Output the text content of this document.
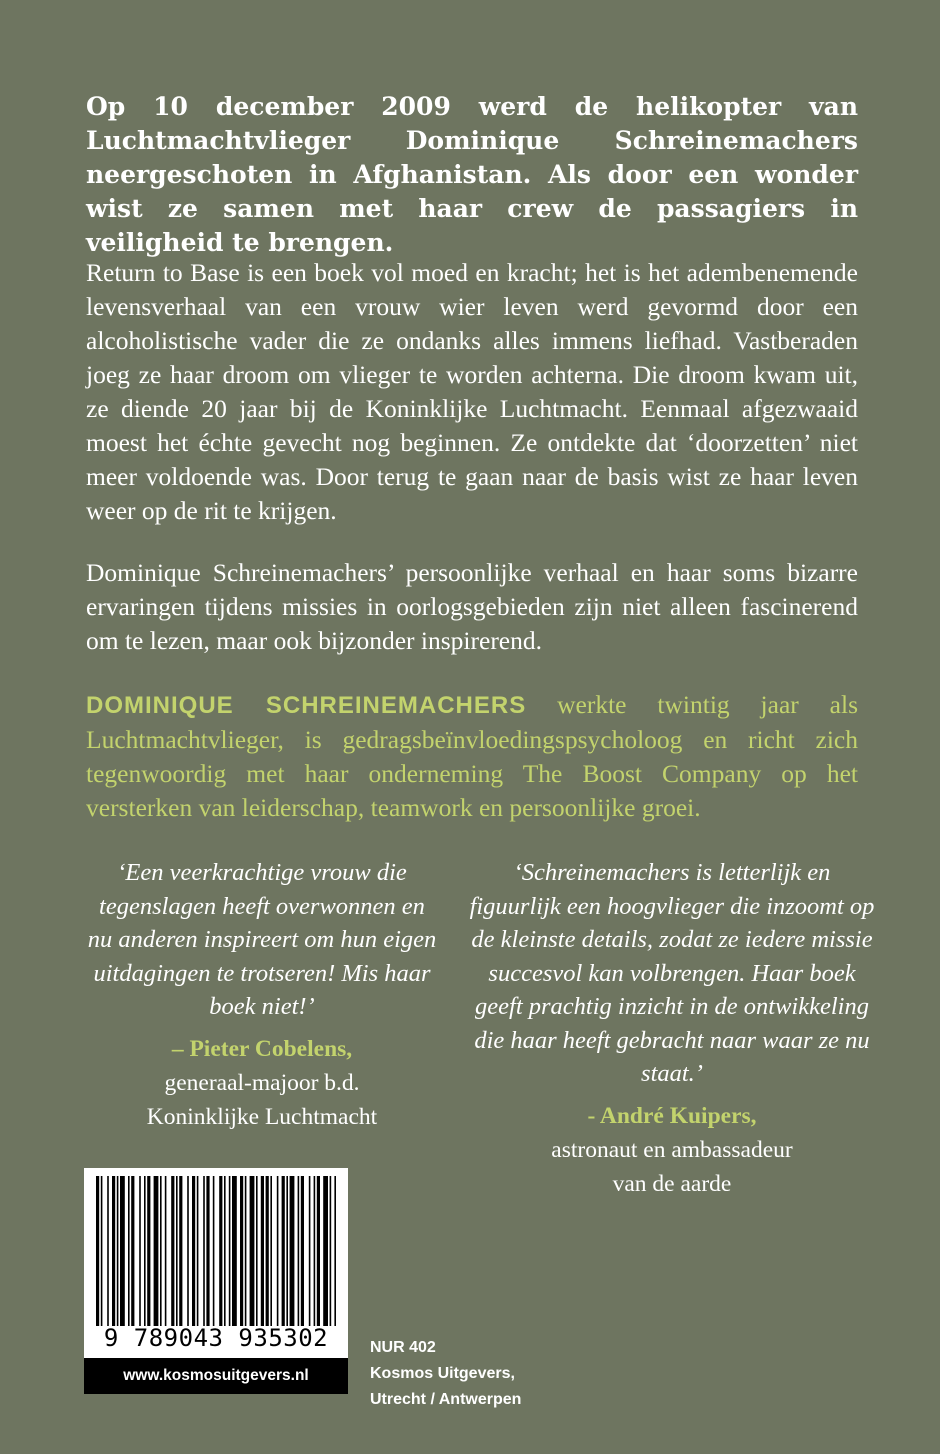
Op 10 december 2009 werd de helikopter van Luchtmachtvlieger Dominique Schreinemachers neergeschoten in Afghanistan. Als door een wonder wist ze samen met haar crew de passagiers in veiligheid te brengen.

Return to Base is een boek vol moed en kracht; het is het adembenemende levensverhaal van een vrouw wier leven werd gevormd door een alcoholistische vader die ze ondanks alles immens liefhad. Vastberaden joeg ze haar droom om vlieger te worden achterna. Die droom kwam uit, ze diende 20 jaar bij de Koninklijke Luchtmacht. Eenmaal afgezwaaid moest het échte gevecht nog beginnen. Ze ontdekte dat ‘doorzetten’ niet meer voldoende was. Door terug te gaan naar de basis wist ze haar leven weer op de rit te krijgen.

Dominique Schreinemachers’ persoonlijke verhaal en haar soms bizarre ervaringen tijdens missies in oorlogsgebieden zijn niet alleen fascinerend om te lezen, maar ook bijzonder inspirerend.

DOMINIQUE SCHREINEMACHERS werkte twintig jaar als Luchtmachtvlieger, is gedragsbeïnvloedingspsycholoog en richt zich tegenwoordig met haar onderneming The Boost Company op het versterken van leiderschap, teamwork en persoonlijke groei.

‘Een veerkrachtige vrouw die tegenslagen heeft overwonnen en nu anderen inspireert om hun eigen uitdagingen te trotseren! Mis haar boek niet!’
– Pieter Cobelens,
generaal-majoor b.d.
Koninklijke Luchtmacht
‘Schreinemachers is letterlijk en figuurlijk een hoogvlieger die inzoomt op de kleinste details, zodat ze iedere missie succesvol kan volbrengen. Haar boek geeft prachtig inzicht in de ontwikkeling die haar heeft gebracht naar waar ze nu staat.’
- André Kuipers,
astronaut en ambassadeur
van de aarde
9 789043 935302
www.kosmosuitgevers.nl
NUR 402
Kosmos Uitgevers,
Utrecht / Antwerpen
